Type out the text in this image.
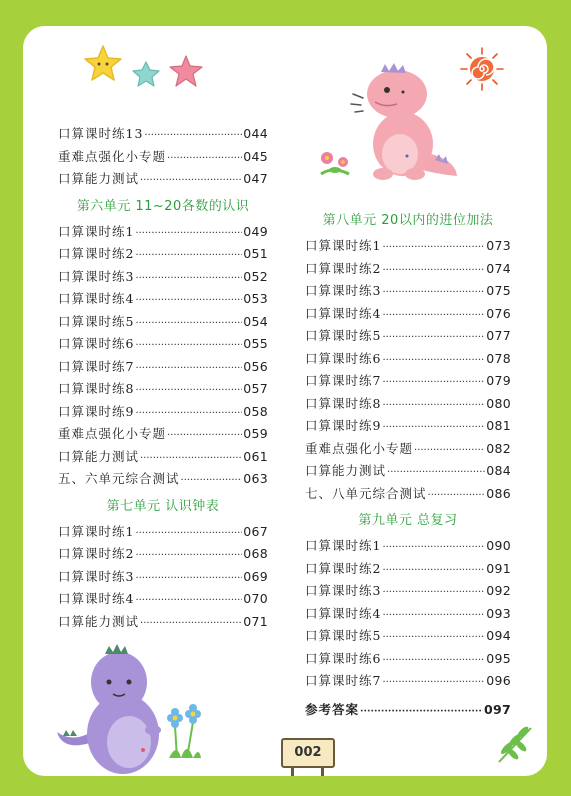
口算课时练13 ·····	044
重难点强化小专题 ·····	045
口算能力测试 ·····	047
第六单元 11~20各数的认识
口算课时练1 ·····	049
口算课时练2 ·····	051
口算课时练3 ·····	052
口算课时练4 ·····	053
口算课时练5 ·····	054
口算课时练6 ·····	055
口算课时练7 ·····	056
口算课时练8 ·····	057
口算课时练9 ·····	058
重难点强化小专题 ·····	059
口算能力测试 ·····	061
五、六单元综合测试 ·····	063
第七单元 认识钟表
口算课时练1 ·····	067
口算课时练2 ·····	068
口算课时练3 ·····	069
口算课时练4 ·····	070
口算能力测试 ·····	071
第八单元 20以内的进位加法
口算课时练1 ·····	073
口算课时练2 ·····	074
口算课时练3 ·····	075
口算课时练4 ·····	076
口算课时练5 ·····	077
口算课时练6 ·····	078
口算课时练7 ·····	079
口算课时练8 ·····	080
口算课时练9 ·····	081
重难点强化小专题 ·····	082
口算能力测试 ·····	084
七、八单元综合测试 ·····	086
第九单元 总复习
口算课时练1 ·····	090
口算课时练2 ·····	091
口算课时练3 ·····	092
口算课时练4 ·····	093
口算课时练5 ·····	094
口算课时练6 ·····	095
口算课时练7 ·····	096
参考答案 ·····	097
002
